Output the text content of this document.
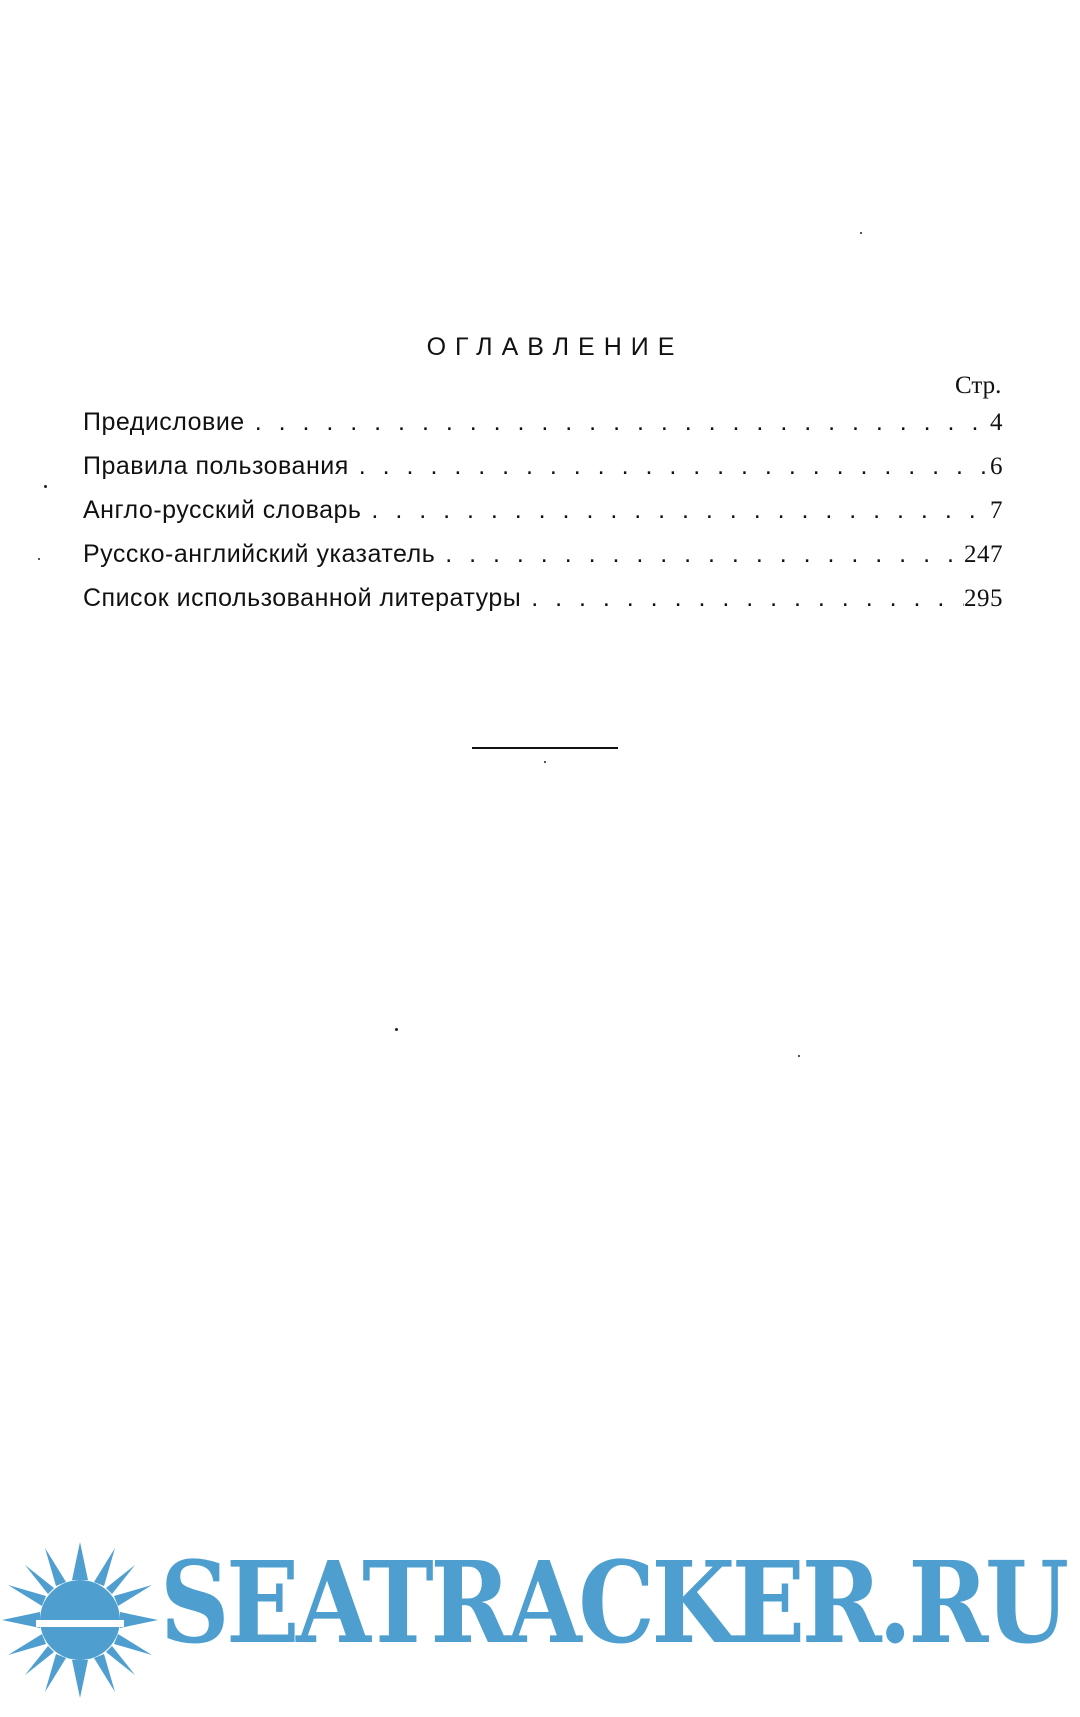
ОГЛАВЛЕНИЕ
Стр.
Предисловие . . .	4
Правила пользования . . .	6
Англо-русский словарь . . .	7
Русско-английский указатель . . .	247
Список использованной литературы . . .	295
SEATRACKER.RU
